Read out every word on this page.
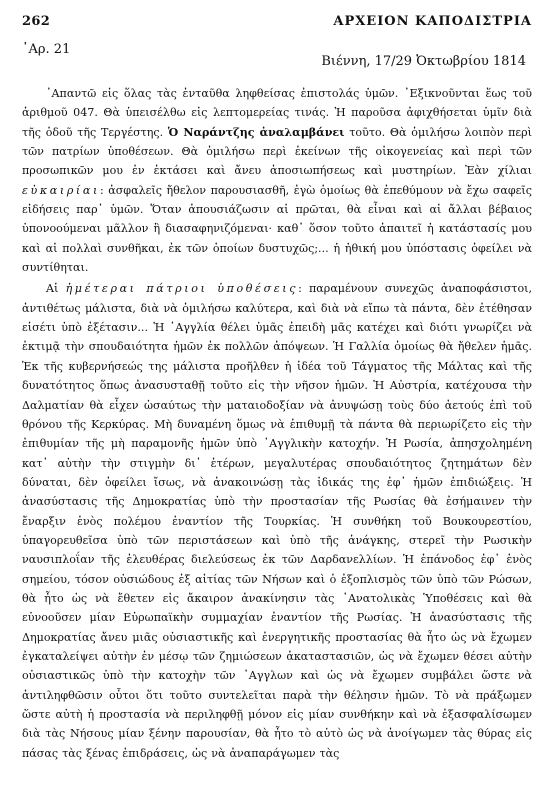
262	ΑΡΧΕΙΟΝ ΚΑΠΟΔΙΣΤΡΙΑ
᾿Αρ. 21
Βιέννη, 17/29 Ὀκτωβρίου 1814

᾿Απαντῶ εἰς ὅλας τὰς ἐνταῦθα ληφθείσας ἐπιστολάς ὑμῶν. ᾿Εξικνοῦνται ἕως τοῦ ἀριθμοῦ 047. Θὰ ὑπεισέλθω εἰς λεπτομερείας τινάς. Ἡ παροῦσα ἀφιχθήσεται ὑμῖν διὰ τῆς ὁδοῦ τῆς Τεργέστης. Ὁ Ναράντζης ἀναλαμβάνει τοῦτο. Θὰ ὁμιλήσω λοιπὸν περὶ τῶν πατρίων ὑποθέσεων. Θὰ ὁμιλήσω περὶ ἐκείνων τῆς οἰκογενείας καὶ περὶ τῶν προσωπικῶν μου ἐν ἐκτάσει καὶ ἄνευ ἀποσιωπήσεως καὶ μυστηρίων. Ἐὰν χίλιαι εὐκαιρίαι: ἀσφαλεῖς ἤθελον παρουσιασθῆ, ἐγὼ ὁμοίως θὰ ἐπεθύμουν νὰ ἔχω σαφεῖς εἰδήσεις παρ᾿ ὑμῶν. Ὅταν ἀπουσιάζωσιν αἱ πρῶται, θὰ εἶναι καὶ αἱ ἄλλαι βέβαιος ὑπονοούμεναι μᾶλλον ἢ διασαφηνιζόμεναι· καθ᾿ ὅσον τοῦτο ἀπαιτεῖ ἡ κατάστασίς μου καὶ αἱ πολλαὶ συνθῆκαι, ἐκ τῶν ὁποίων δυστυχῶς;... ἡ ἠθική μου ὑπόστασις ὀφείλει νὰ συντίθηται.

Αἱ ἡμέτεραι πάτριοι ὑποθέσεις: παραμένουν συνεχῶς ἀναποφάσιστοι, ἀντιθέτως μάλιστα, διὰ νὰ ὁμιλήσω καλύτερα, καὶ διὰ νὰ εἴπω τὰ πάντα, δὲν ἐτέθησαν εἰσέτι ὑπὸ ἐξέτασιν... Ἡ ᾿Αγγλία θέλει ὑμᾶς ἐπειδὴ μᾶς κατέχει καὶ διότι γνωρίζει νὰ ἐκτιμᾷ τὴν σπουδαιότητα ἡμῶν ἐκ πολλῶν ἀπόψεων. Ἡ Γαλλία ὁμοίως θὰ ἤθελεν ἡμᾶς. Ἐκ τῆς κυβερνήσεώς της μάλιστα προῆλθεν ἡ ἰδέα τοῦ Τάγματος τῆς Μάλτας καὶ τῆς δυνατότητος ὅπως ἀνασυσταθῇ τοῦτο εἰς τὴν νῆσον ἡμῶν. Ἡ Αὐστρία, κατέχουσα τὴν Δαλματίαν θὰ εἶχεν ὡσαύτως τὴν ματαιοδοξίαν νὰ ἀνυψώσῃ τοὺς δύο ἀετούς ἐπὶ τοῦ θρόνου τῆς Κερκύρας. Μὴ δυναμένη ὅμως νὰ ἐπιθυμῇ τὰ πάντα θὰ περιωρίζετο εἰς τὴν ἐπιθυμίαν τῆς μὴ παραμονῆς ἡμῶν ὑπὸ ᾿Αγγλικὴν κατοχήν. Ἡ Ρωσία, ἀπησχολημένη κατ᾿ αὐτὴν τὴν στιγμὴν δι᾿ ἑτέρων, μεγαλυτέρας σπουδαιότητος ζητημάτων δὲν δύναται, δὲν ὀφείλει ἴσως, νὰ ἀνακοινώσῃ τὰς ἰδικάς της ἐφ᾿ ἡμῶν ἐπιδιώξεις. Ἡ ἀνασύστασις τῆς Δημοκρατίας ὑπὸ τὴν προστασίαν τῆς Ρωσίας θὰ ἐσήμαινεν τὴν ἔναρξιν ἑνὸς πολέμου ἐναντίον τῆς Τουρκίας. Ἡ συνθήκη τοῦ Βουκουρεστίου, ὑπαγορευθεῖσα ὑπὸ τῶν περιστάσεων καὶ ὑπὸ τῆς ἀνάγκης, στερεῖ τὴν Ρωσικὴν ναυσιπλοΐαν τῆς ἐλευθέρας διελεύσεως ἐκ τῶν Δαρδανελλίων. Ἡ ἐπάνοδος ἐφ᾿ ἑνὸς σημείου, τόσον οὐσιώδους ἐξ αἰτίας τῶν Νήσων καὶ ὁ ἐξοπλισμὸς τῶν ὑπὸ τῶν Ρώσων, θὰ ἦτο ὡς νὰ ἔθετεν εἰς ἄκαιρον ἀνακίνησιν τὰς ᾿Ανατολικὰς Ὑποθέσεις καὶ θὰ εὐνοοῦσεν μίαν Εὐρωπαϊκὴν συμμαχίαν ἐναντίον τῆς Ρωσίας. Ἡ ἀνασύστασις τῆς Δημοκρατίας ἄνευ μιᾶς οὐσιαστικῆς καὶ ἐνεργητικῆς προστασίας θὰ ἦτο ὡς νὰ ἔχωμεν ἐγκαταλείψει αὐτὴν ἐν μέσῳ τῶν ζημιώσεων ἀκαταστασιῶν, ὡς νὰ ἔχωμεν θέσει αὐτὴν οὐσιαστικῶς ὑπὸ τὴν κατοχὴν τῶν ᾿Αγγλων καὶ ὡς νὰ ἔχωμεν συμβάλει ὥστε νὰ ἀντιληφθῶσιν οὗτοι ὅτι τοῦτο συντελεῖται παρὰ τὴν θέλησιν ἡμῶν. Τὸ νὰ πράξωμεν ὥστε αὐτὴ ἡ προστασία νὰ περιληφθῇ μόνον εἰς μίαν συνθήκην καὶ νὰ ἐξασφαλίσωμεν διὰ τὰς Νήσους μίαν ξένην παρουσίαν, θὰ ἦτο τὸ αὐτὸ ὡς νὰ ἀνοίγωμεν τὰς θύρας εἰς πάσας τὰς ξένας ἐπιδράσεις, ὡς νὰ ἀναπαράγωμεν τὰς
